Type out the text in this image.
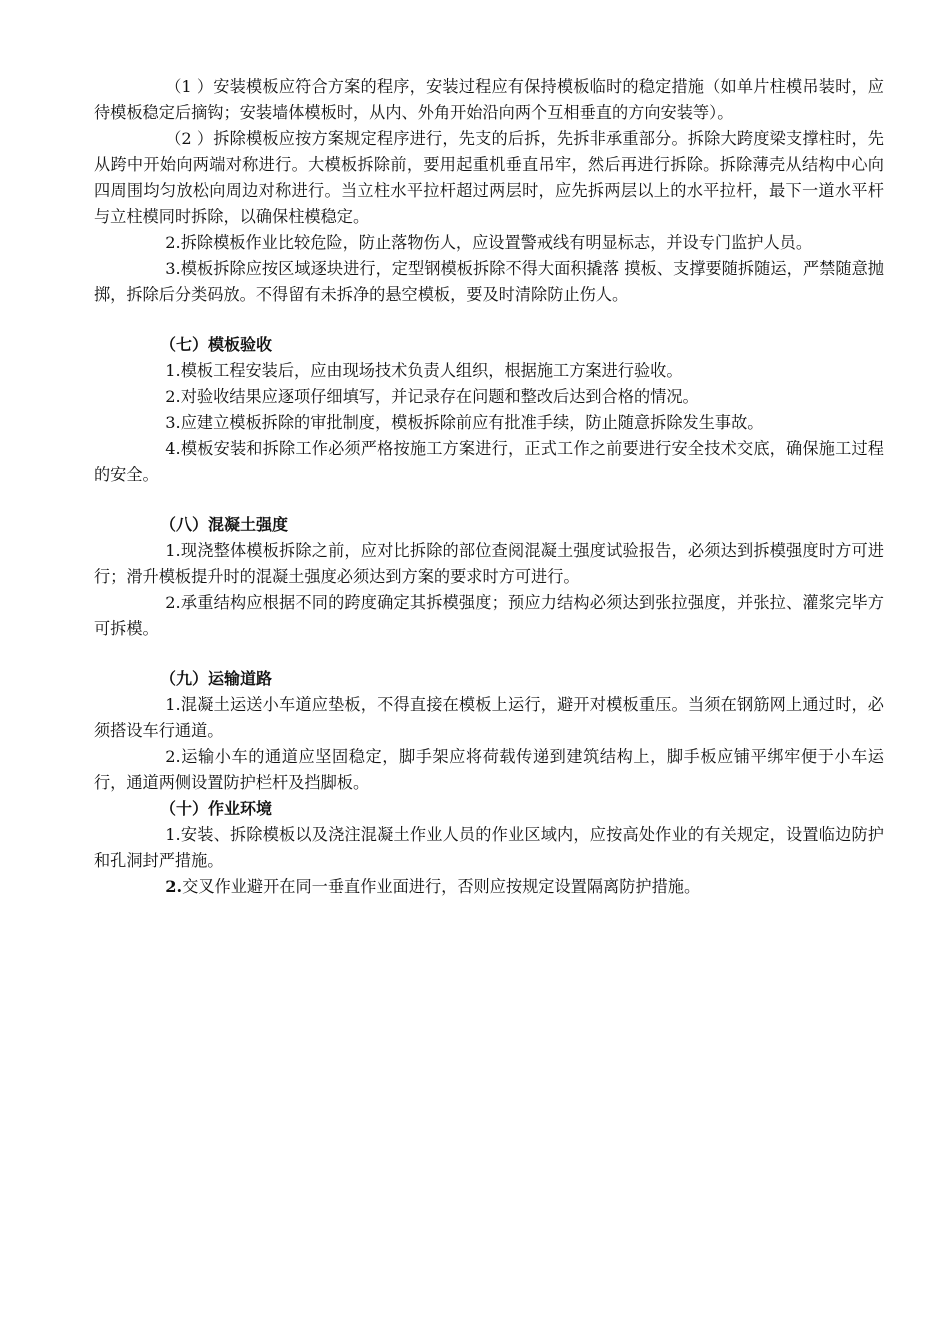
（1 ）安装模板应符合方案的程序，安装过程应有保持模板临时的稳定措施（如单片柱模吊装时，应待模板稳定后摘钩；安装墙体模板时，从内、外角开始沿向两个互相垂直的方向安装等）。

（2 ）拆除模板应按方案规定程序进行，先支的后拆，先拆非承重部分。拆除大跨度梁支撑柱时，先从跨中开始向两端对称进行。大模板拆除前，要用起重机垂直吊牢，然后再进行拆除。拆除薄壳从结构中心向四周围均匀放松向周边对称进行。当立柱水平拉杆超过两层时，应先拆两层以上的水平拉杆，最下一道水平杆与立柱模同时拆除，以确保柱模稳定。

2.拆除模板作业比较危险，防止落物伤人，应设置警戒线有明显标志，并设专门监护人员。

3.模板拆除应按区域逐块进行，定型钢模板拆除不得大面积撬落 摸板、支撑要随拆随运，严禁随意抛掷，拆除后分类码放。不得留有未拆净的悬空模板，要及时清除防止伤人。

（七）模板验收

1.模板工程安装后，应由现场技术负责人组织，根据施工方案进行验收。

2.对验收结果应逐项仔细填写，并记录存在问题和整改后达到合格的情况。

3.应建立模板拆除的审批制度，模板拆除前应有批准手续，防止随意拆除发生事故。

4.模板安装和拆除工作必须严格按施工方案进行，正式工作之前要进行安全技术交底，确保施工过程的安全。

（八）混凝土强度

1.现浇整体模板拆除之前，应对比拆除的部位查阅混凝土强度试验报告，必须达到拆模强度时方可进行；滑升模板提升时的混凝土强度必须达到方案的要求时方可进行。

2.承重结构应根据不同的跨度确定其拆模强度；预应力结构必须达到张拉强度，并张拉、灌浆完毕方可拆模。

（九）运输道路

1.混凝土运送小车道应垫板，不得直接在模板上运行，避开对模板重压。当须在钢筋网上通过时，必须搭设车行通道。

2.运输小车的通道应坚固稳定，脚手架应将荷载传递到建筑结构上，脚手板应铺平绑牢便于小车运行，通道两侧设置防护栏杆及挡脚板。

（十）作业环境

1.安装、拆除模板以及浇注混凝土作业人员的作业区域内，应按高处作业的有关规定，设置临边防护和孔洞封严措施。

2.交叉作业避开在同一垂直作业面进行，否则应按规定设置隔离防护措施。
